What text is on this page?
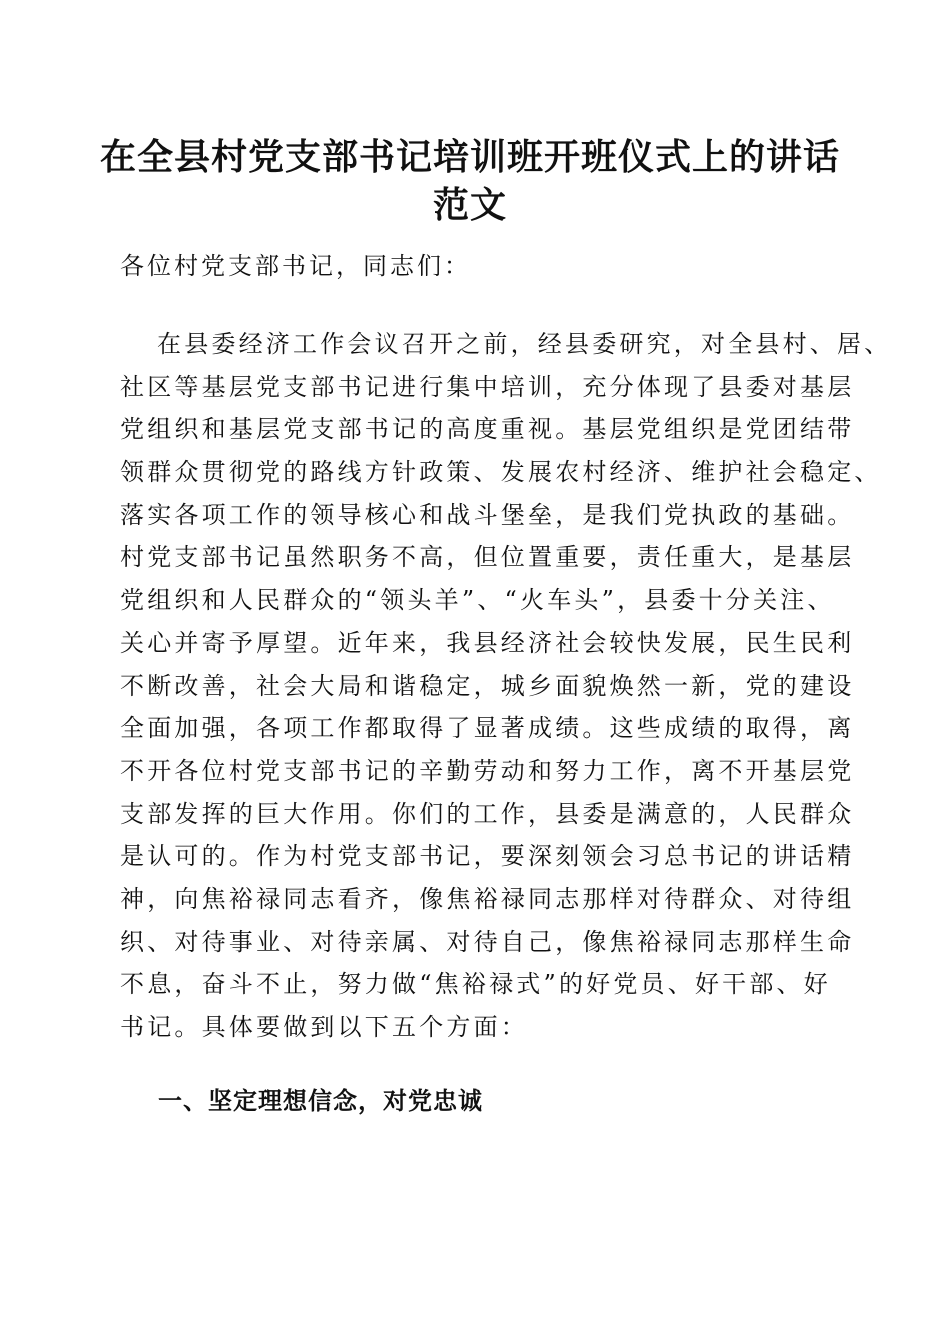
在全县村党支部书记培训班开班仪式上的讲话
范文
各位村党支部书记，同志们：
在县委经济工作会议召开之前，经县委研究，对全县村、居、
社区等基层党支部书记进行集中培训，充分体现了县委对基层
党组织和基层党支部书记的高度重视。基层党组织是党团结带
领群众贯彻党的路线方针政策、发展农村经济、维护社会稳定、
落实各项工作的领导核心和战斗堡垒，是我们党执政的基础。
村党支部书记虽然职务不高，但位置重要，责任重大，是基层
党组织和人民群众的“领头羊”、“火车头”，县委十分关注、
关心并寄予厚望。近年来，我县经济社会较快发展，民生民利
不断改善，社会大局和谐稳定，城乡面貌焕然一新，党的建设
全面加强，各项工作都取得了显著成绩。这些成绩的取得，离
不开各位村党支部书记的辛勤劳动和努力工作，离不开基层党
支部发挥的巨大作用。你们的工作，县委是满意的，人民群众
是认可的。作为村党支部书记，要深刻领会习总书记的讲话精
神，向焦裕禄同志看齐，像焦裕禄同志那样对待群众、对待组
织、对待事业、对待亲属、对待自己，像焦裕禄同志那样生命
不息，奋斗不止，努力做“焦裕禄式”的好党员、好干部、好
书记。具体要做到以下五个方面：
一、坚定理想信念，对党忠诚
